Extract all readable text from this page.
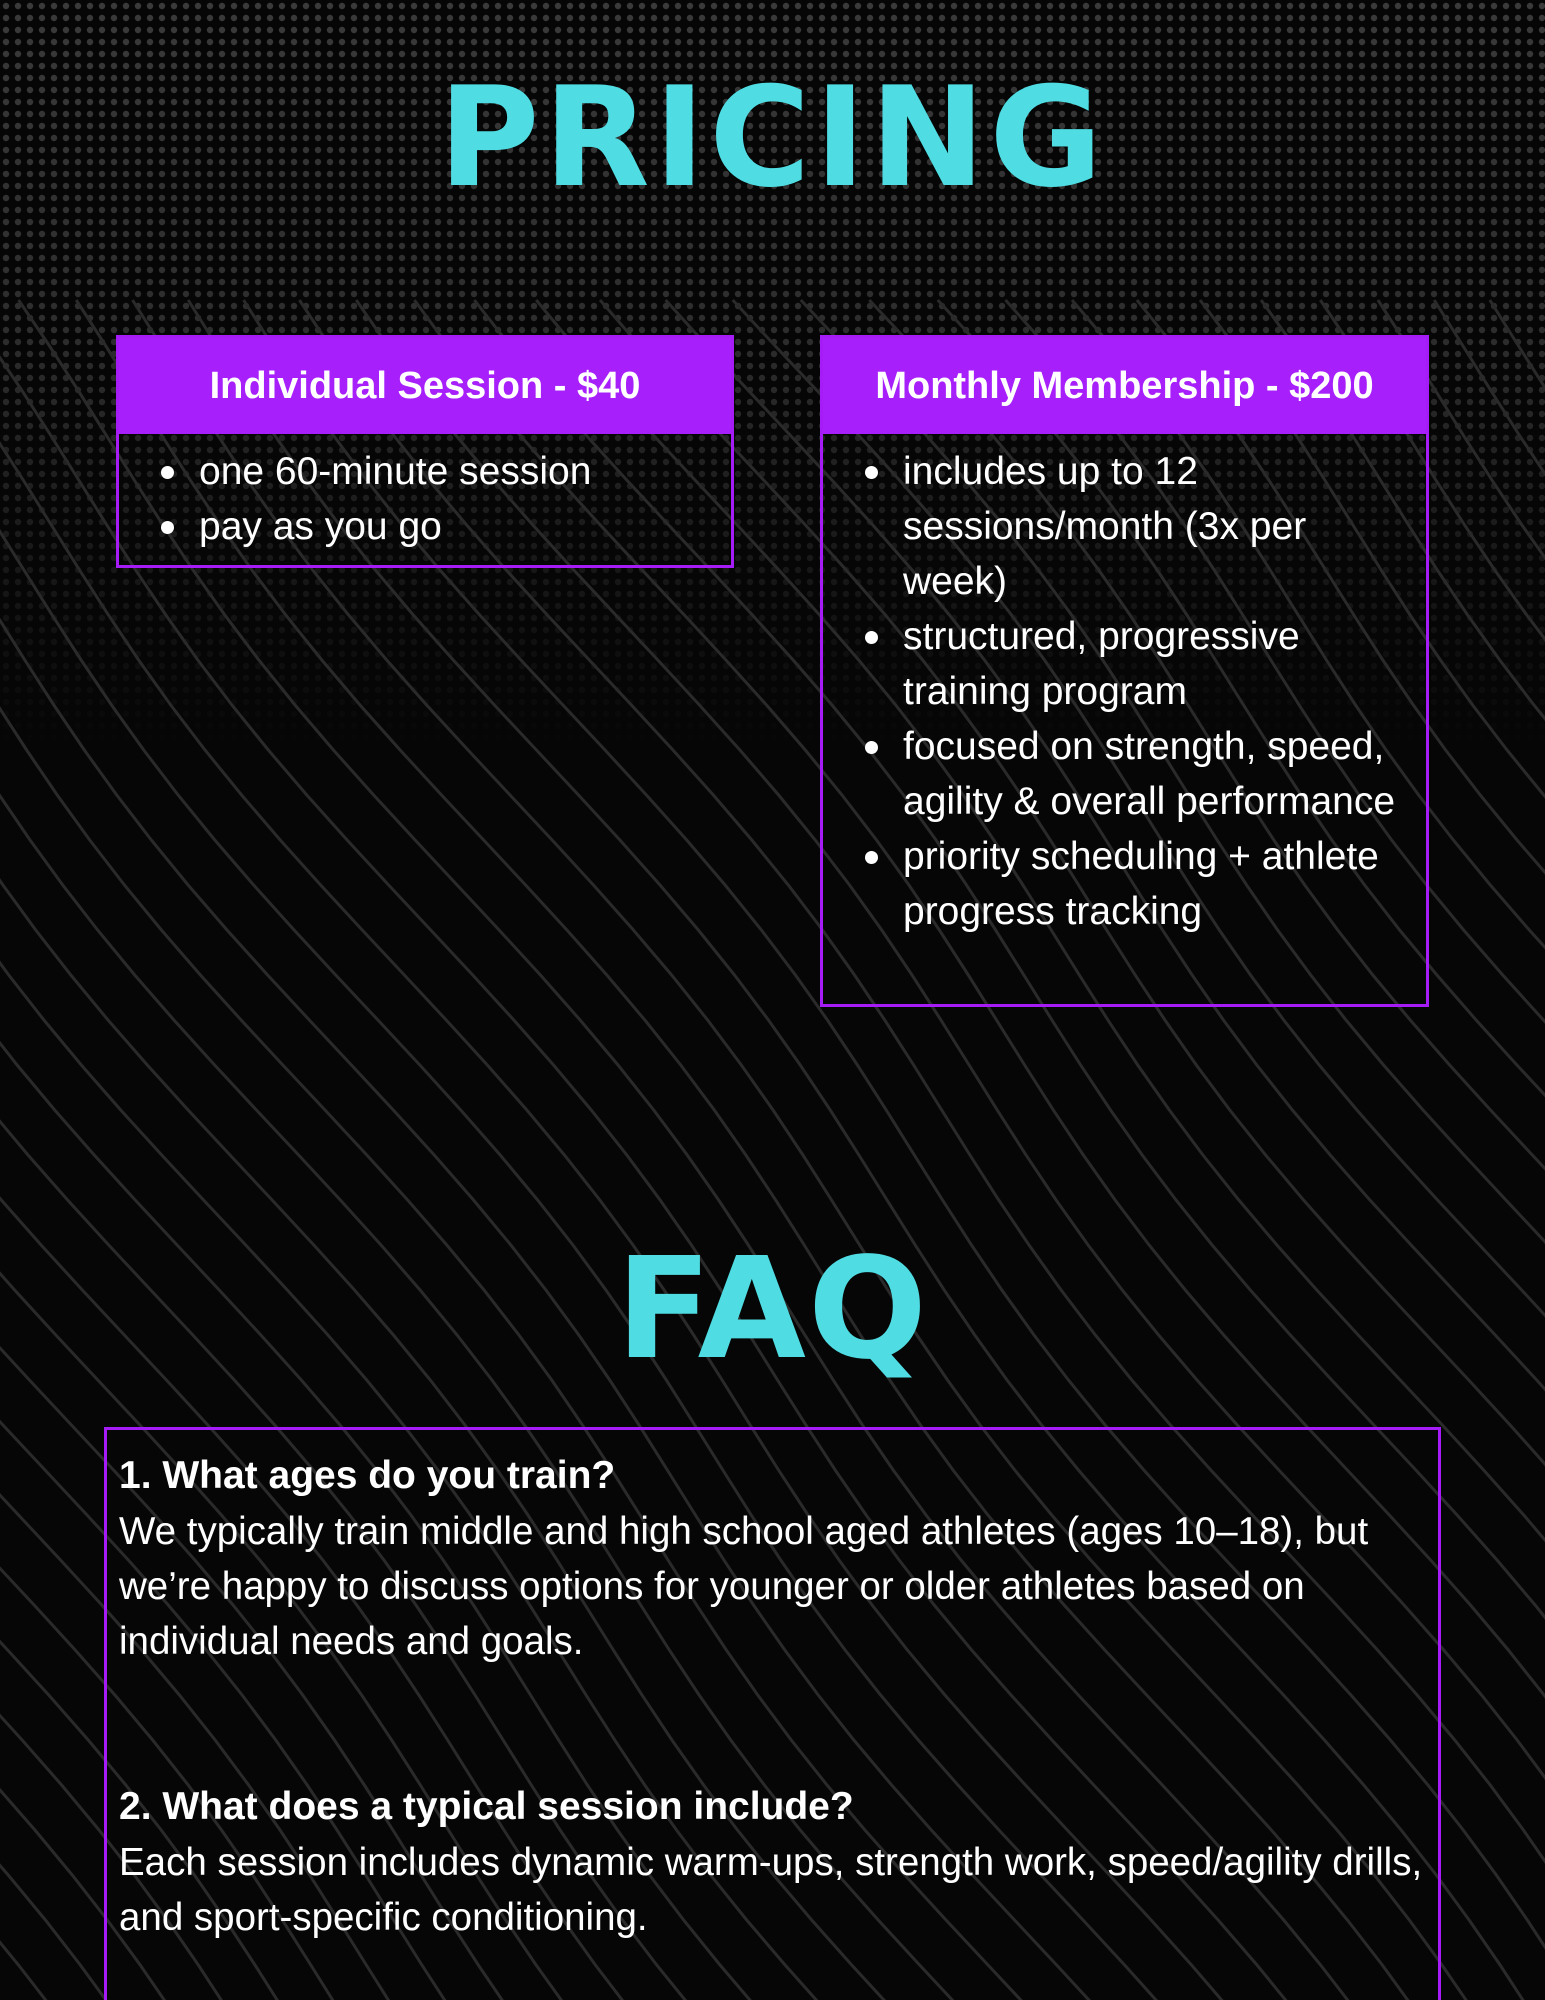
PRICING
Individual Session - $40
one 60-minute session
pay as you go
Monthly Membership - $200
includes up to 12 sessions/month (3x per week)
structured, progressive training program
focused on strength, speed, agility & overall performance
priority scheduling + athlete progress tracking
FAQ
1. What ages do you train?
We typically train middle and high school aged athletes (ages 10–18), but we’re happy to discuss options for younger or older athletes based on individual needs and goals.
2. What does a typical session include?
Each session includes dynamic warm-ups, strength work, speed/agility drills, and sport-specific conditioning.
